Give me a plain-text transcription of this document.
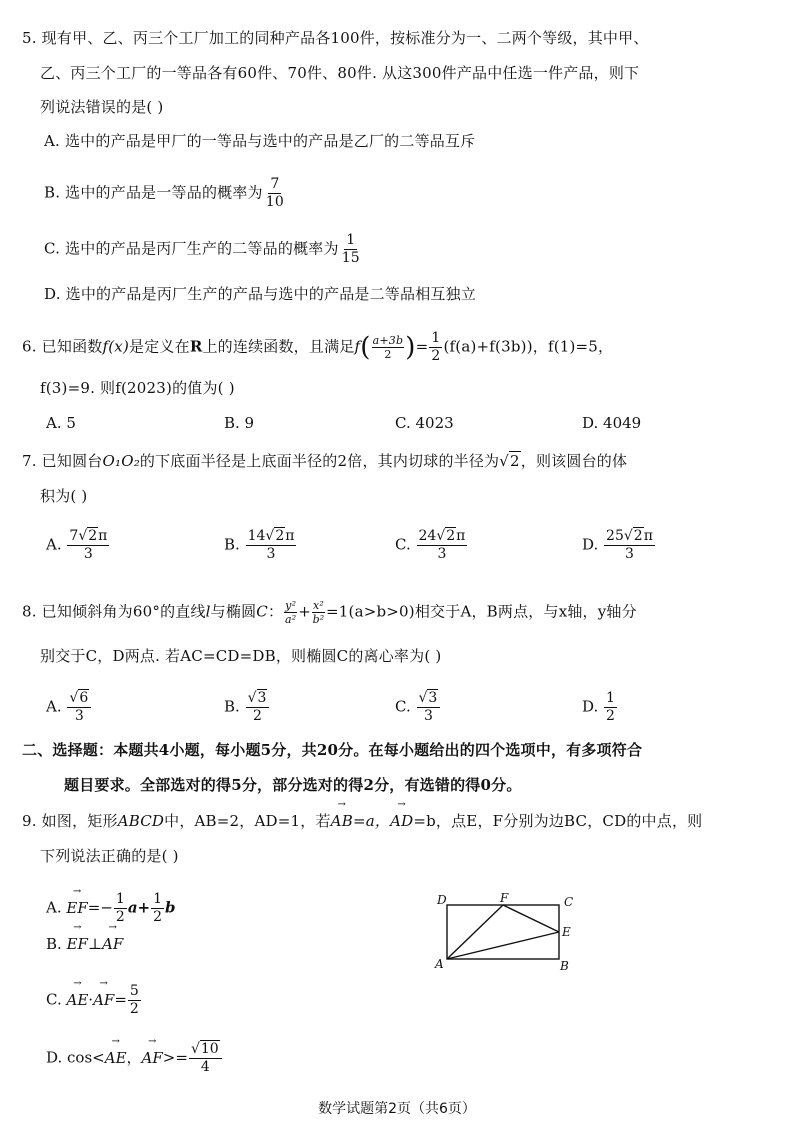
5. 现有甲、乙、丙三个工厂加工的同种产品各100件，按标准分为一、二两个等级，其中甲、
乙、丙三个工厂的一等品各有60件、70件、80件. 从这300件产品中任选一件产品，则下
列说法错误的是( )
A. 选中的产品是甲厂的一等品与选中的产品是乙厂的二等品互斥
B. 选中的产品是一等品的概率为 $\frac{7}{10}$
C. 选中的产品是丙厂生产的二等品的概率为 $\frac{1}{15}$
D. 选中的产品是丙厂生产的产品与选中的产品是二等品相互独立
6. 已知函数f(x)是定义在R上的连续函数，且满足$f( \frac{a+3b}{2}$ )= $\frac{1}{2} (f(a)+f(3b))$，f(1)=5，
f(3)=9. 则f(2023)的值为( )
A. 5	B. 9	C. 4023	D. 4049
7. 已知圆台O₁O₂的下底面半径是上底面半径的2倍，其内切球的半径为√2，则该圆台的体
积为( )
A. $\frac{7√2\pi}{3}$	B. $\frac{14√2\pi}{3}$	C. $\frac{24√2\pi}{3}$	D. $\frac{25√2\pi}{3}$
8. 已知倾斜角为60°的直线l与椭圆C： $\frac{\text{y²}}{\text{a²}} + \frac{\text{x²}}{\text{b²}} =1(a>b>0)$相交于A，B两点，与x轴，y轴分
别交于C，D两点. 若AC=CD=DB，则椭圆C的离心率为( )
A. $\frac{√6}{3}$	B. $\frac{√3}{2}$	C. $\frac{√3}{3}$	D. $\frac{1}{2}$
二、选择题：本题共4小题，每小题5分，共20分。在每小题给出的四个选项中，有多项符合
题目要求。全部选对的得5分，部分选对的得2分，有选错的得0分。
9. 如图，矩形ABCD中，AB=2，AD=1，若→ AB=a，→ AD=b，点E，F分别为边BC，CD的中点，则
下列说法正确的是( )
A. → $EF=- \frac{1}{2} a+ \frac{1}{2}$ b
B. → EF⊥→ AF
C. → $AE\cdot\to AF= \frac{5}{2}$
D. cos<→ AE，→ $AF>= \frac{√10}{4}$
D	F	C
E
A	B
数学试题第2页（共6页）
